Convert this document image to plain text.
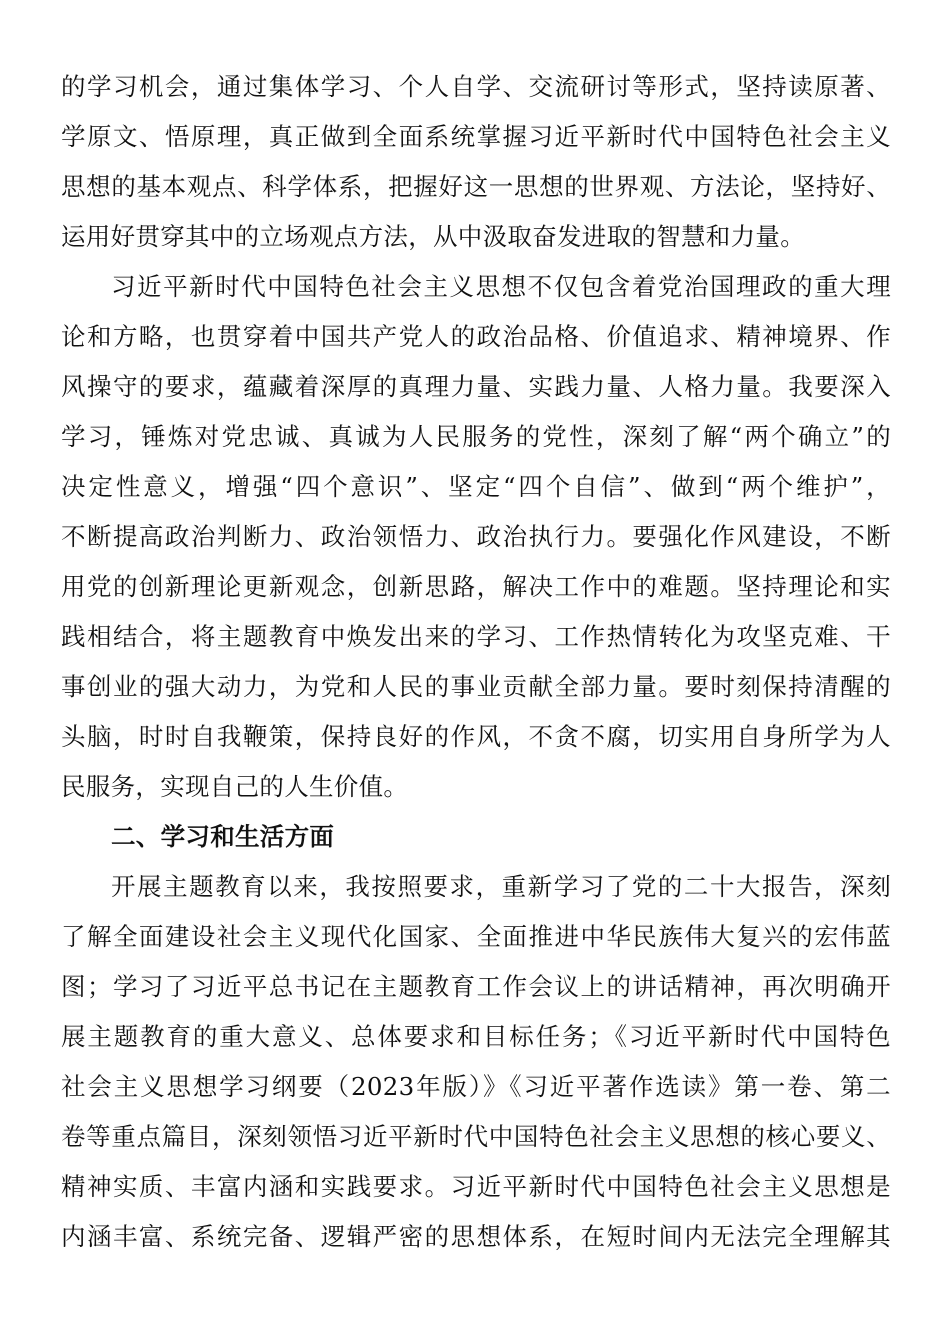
的学习机会，通过集体学习、个人自学、交流研讨等形式，坚持读原著、
学原文、悟原理，真正做到全面系统掌握习近平新时代中国特色社会主义
思想的基本观点、科学体系，把握好这一思想的世界观、方法论，坚持好、
运用好贯穿其中的立场观点方法，从中汲取奋发进取的智慧和力量。
习近平新时代中国特色社会主义思想不仅包含着党治国理政的重大理
论和方略，也贯穿着中国共产党人的政治品格、价值追求、精神境界、作
风操守的要求，蕴藏着深厚的真理力量、实践力量、人格力量。我要深入
学习，锤炼对党忠诚、真诚为人民服务的党性，深刻了解“两个确立”的
决定性意义，增强“四个意识”、坚定“四个自信”、做到“两个维护”，
不断提高政治判断力、政治领悟力、政治执行力。要强化作风建设，不断
用党的创新理论更新观念，创新思路，解决工作中的难题。坚持理论和实
践相结合，将主题教育中焕发出来的学习、工作热情转化为攻坚克难、干
事创业的强大动力，为党和人民的事业贡献全部力量。要时刻保持清醒的
头脑，时时自我鞭策，保持良好的作风，不贪不腐，切实用自身所学为人
民服务，实现自己的人生价值。
二、学习和生活方面
开展主题教育以来，我按照要求，重新学习了党的二十大报告，深刻
了解全面建设社会主义现代化国家、全面推进中华民族伟大复兴的宏伟蓝
图；学习了习近平总书记在主题教育工作会议上的讲话精神，再次明确开
展主题教育的重大意义、总体要求和目标任务；《习近平新时代中国特色
社会主义思想学习纲要（2023年版）》《习近平著作选读》第一卷、第二
卷等重点篇目，深刻领悟习近平新时代中国特色社会主义思想的核心要义、
精神实质、丰富内涵和实践要求。习近平新时代中国特色社会主义思想是
内涵丰富、系统完备、逻辑严密的思想体系，在短时间内无法完全理解其
